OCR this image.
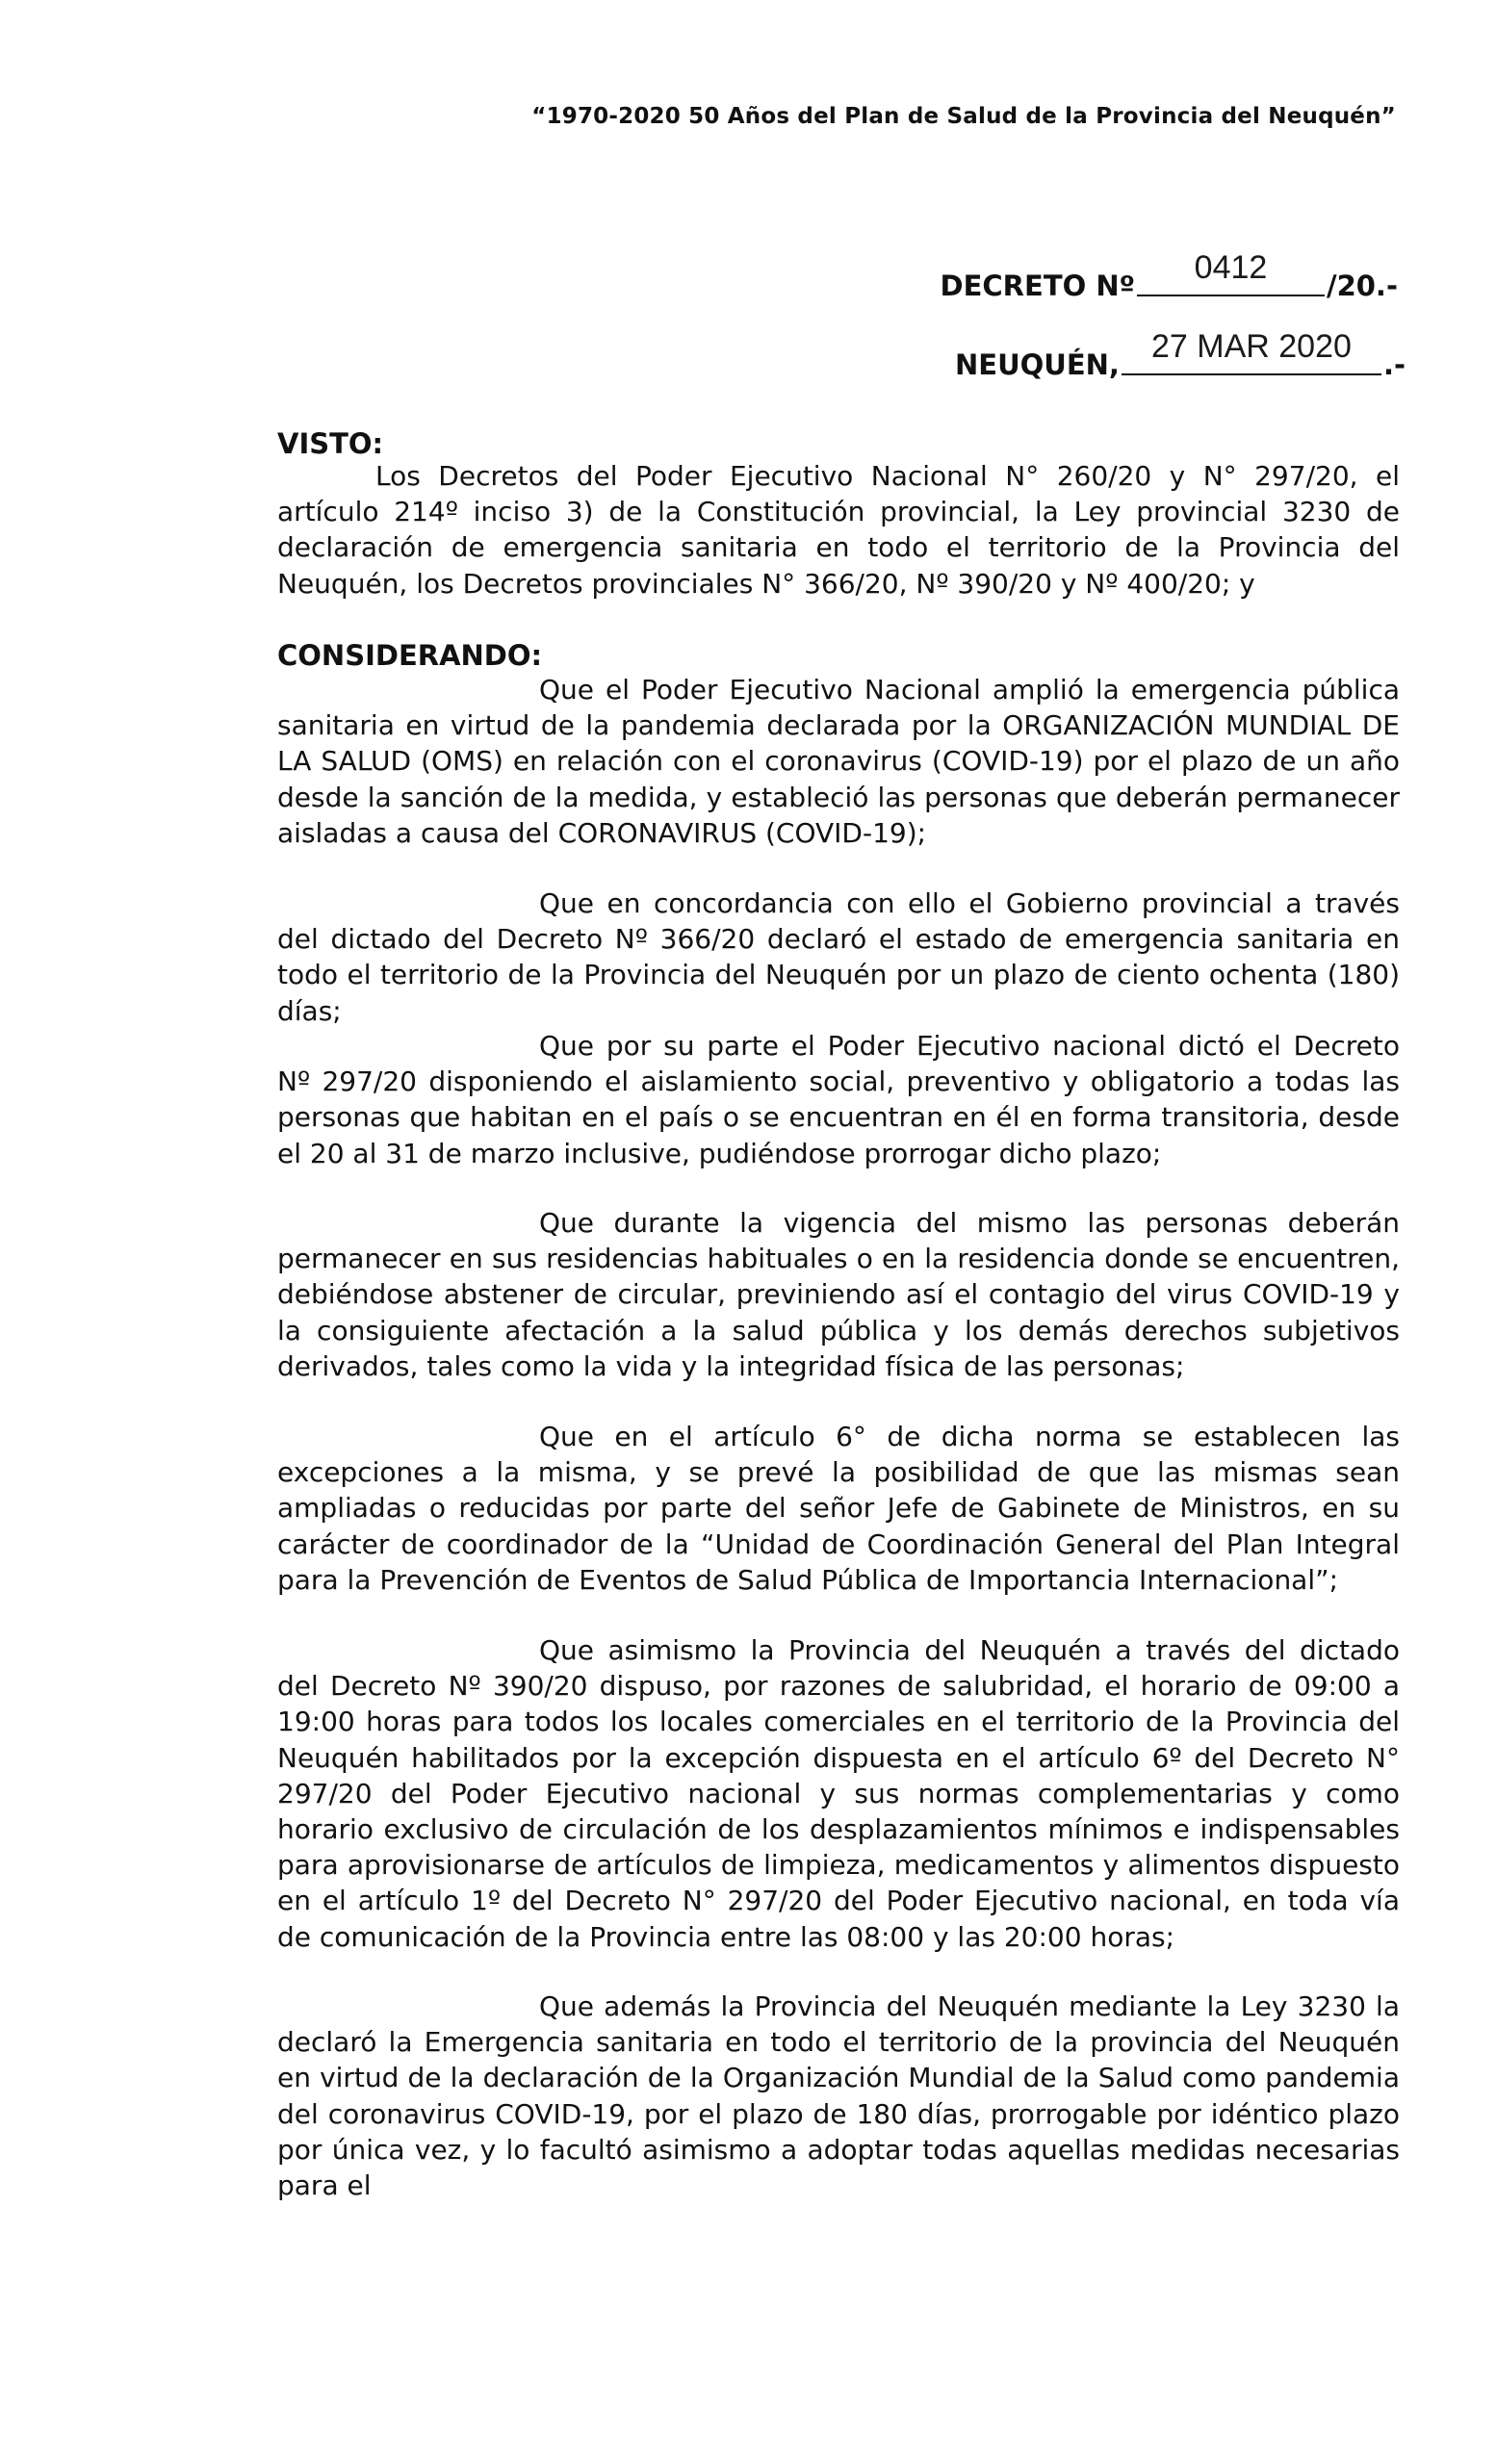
“1970-2020 50 Años del Plan de Salud de la Provincia del Neuquén”
DECRETO Nº	0412	/20.-
NEUQUÉN, 27 MAR 2020	.-
VISTO:

Los Decretos del Poder Ejecutivo Nacional N° 260/20 y N° 297/20, el artículo 214º inciso 3) de la Constitución provincial, la Ley provincial 3230 de declaración de emergencia sanitaria en todo el territorio de la Provincia del Neuquén, los Decretos provinciales N° 366/20, Nº 390/20 y Nº 400/20; y

CONSIDERANDO:

Que el Poder Ejecutivo Nacional amplió la emergencia pública sanitaria en virtud de la pandemia declarada por la ORGANIZACIÓN MUNDIAL DE LA SALUD (OMS) en relación con el coronavirus (COVID-19) por el plazo de un año desde la sanción de la medida, y estableció las personas que deberán permanecer aisladas a causa del CORONAVIRUS (COVID-19);

Que en concordancia con ello el Gobierno provincial a través del dictado del Decreto Nº 366/20 declaró el estado de emergencia sanitaria en todo el territorio de la Provincia del Neuquén por un plazo de ciento ochenta (180) días;

Que por su parte el Poder Ejecutivo nacional dictó el Decreto Nº 297/20 disponiendo el aislamiento social, preventivo y obligatorio a todas las personas que habitan en el país o se encuentran en él en forma transitoria, desde el 20 al 31 de marzo inclusive, pudiéndose prorrogar dicho plazo;

Que durante la vigencia del mismo las personas deberán permanecer en sus residencias habituales o en la residencia donde se encuentren, debiéndose abstener de circular, previniendo así el contagio del virus COVID-19 y la consiguiente afectación a la salud pública y los demás derechos subjetivos derivados, tales como la vida y la integridad física de las personas;

Que en el artículo 6° de dicha norma se establecen las excepciones a la misma, y se prevé la posibilidad de que las mismas sean ampliadas o reducidas por parte del señor Jefe de Gabinete de Ministros, en su carácter de coordinador de la “Unidad de Coordinación General del Plan Integral para la Prevención de Eventos de Salud Pública de Importancia Internacional”;

Que asimismo la Provincia del Neuquén a través del dictado del Decreto Nº 390/20 dispuso, por razones de salubridad, el horario de 09:00 a 19:00 horas para todos los locales comerciales en el territorio de la Provincia del Neuquén habilitados por la excepción dispuesta en el artículo 6º del Decreto N° 297/20 del Poder Ejecutivo nacional y sus normas complementarias y como horario exclusivo de circulación de los desplazamientos mínimos e indispensables para aprovisionarse de artículos de limpieza, medicamentos y alimentos dispuesto en el artículo 1º del Decreto N° 297/20 del Poder Ejecutivo nacional, en toda vía de comunicación de la Provincia entre las 08:00 y las 20:00 horas;

Que además la Provincia del Neuquén mediante la Ley 3230 la declaró la Emergencia sanitaria en todo el territorio de la provincia del Neuquén en virtud de la declaración de la Organización Mundial de la Salud como pandemia del coronavirus COVID-19, por el plazo de 180 días, prorrogable por idéntico plazo por única vez, y lo facultó asimismo a adoptar todas aquellas medidas necesarias para el
